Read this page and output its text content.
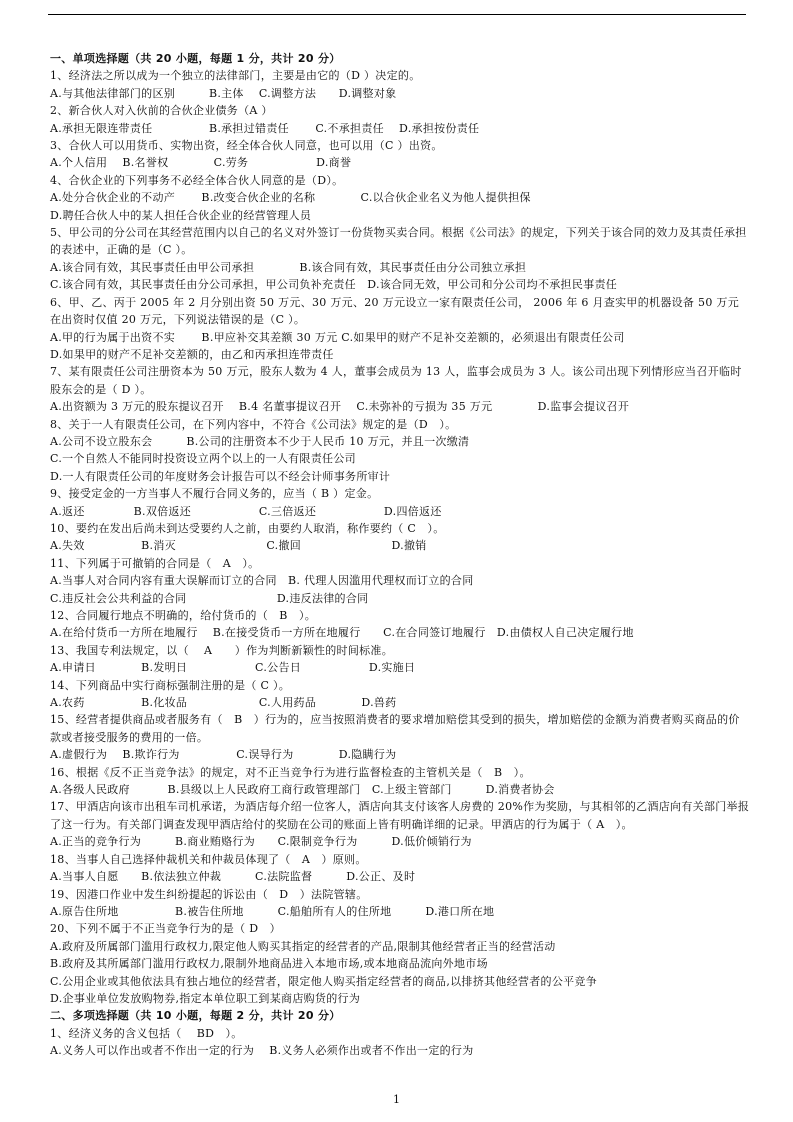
一、单项选择题（共 20 小题，每题 1 分，共计 20 分）
1、经济法之所以成为一个独立的法律部门，主要是由它的（D ）决定的。
A.与其他法律部门的区别　　　B.主体　 C.调整方法　　D.调整对象
2、新合伙人对入伙前的合伙企业债务（A ）
A.承担无限连带责任　　　　　B.承担过错责任　　 C.不承担责任　 D.承担按份责任
3、合伙人可以用货币、实物出资，经全体合伙人同意，也可以用（C ）出资。
A.个人信用　 B.名誉权　　　　C.劳务　　　　　　D.商誉
4、合伙企业的下列事务不必经全体合伙人同意的是（D）。
A.处分合伙企业的不动产　　 B.改变合伙企业的名称　　　　C.以合伙企业名义为他人提供担保
D.聘任合伙人中的某人担任合伙企业的经营管理人员
5、甲公司的分公司在其经营范围内以自己的名义对外签订一份货物买卖合同。根据《公司法》的规定，下列关于该合同的效力及其责任承担的表述中，正确的是（C ）。
A.该合同有效，其民事责任由甲公司承担　　　　B.该合同有效，其民事责任由分公司独立承担
C.该合同有效，其民事责任由分公司承担，甲公司负补充责任　D.该合同无效，甲公司和分公司均不承担民事责任
6、甲、乙、丙于 2005 年 2 月分别出资 50 万元、30 万元、20 万元设立一家有限责任公司， 2006 年 6 月查实甲的机器设备 50 万元在出资时仅值 20 万元，下列说法错误的是（C ）。
A.甲的行为属于出资不实　　 B.甲应补交其差额 30 万元 C.如果甲的财产不足补交差额的，必须退出有限责任公司
D.如果甲的财产不足补交差额的，由乙和丙承担连带责任
7、某有限责任公司注册资本为 50 万元，股东人数为 4 人，董事会成员为 13 人，监事会成员为 3 人。该公司出现下列情形应当召开临时股东会的是（ D ）。
A.出资额为 3 万元的股东提议召开　 B.4 名董事提议召开　 C.未弥补的亏损为 35 万元　　　　D.监事会提议召开
8、关于一人有限责任公司，在下列内容中，不符合《公司法》规定的是（D　）。
A.公司不设立股东会　　　B.公司的注册资本不少于人民币 10 万元，并且一次缴清
C.一个自然人不能同时投资设立两个以上的一人有限责任公司
D.一人有限责任公司的年度财务会计报告可以不经会计师事务所审计
9、接受定金的一方当事人不履行合同义务的，应当（ B ）定金。
A.返还　　　　 B.双倍返还　　　　　　C.三倍返还　　　　　　D.四倍返还
10、要约在发出后尚未到达受要约人之前，由要约人取消，称作要约（ C　）。
A.失效　　　　　B.消灭　　　　　　　　C.撤回　　　　　　　　D.撤销
11、下列属于可撤销的合同是（　A　）。
A.当事人对合同内容有重大误解而订立的合同　B. 代理人因滥用代理权而订立的合同
C.违反社会公共利益的合同　　　　　　　　D.违反法律的合同
12、合同履行地点不明确的，给付货币的（　B　）。
A.在给付货币一方所在地履行　 B.在接受货币一方所在地履行　　C.在合同签订地履行　D.由债权人自己决定履行地
13、我国专利法规定，以（　 A　　）作为判断新颖性的时间标准。
A.申请日　　　　B.发明日　　　　　　C.公告日　　　　　　D.实施日
14、下列商品中实行商标强制注册的是（ C ）。
A.农药　　　　　B.化妆品　　　　　　 C.人用药品　　　　D.兽药
15、经营者提供商品或者服务有（　B　）行为的，应当按照消费者的要求增加赔偿其受到的损失，增加赔偿的金额为消费者购买商品的价款或者接受服务的费用的一倍。
A.虚假行为　 B.欺诈行为　　　　　C.误导行为　　　　D.隐瞒行为
16、根据《反不正当竞争法》的规定，对不正当竞争行为进行监督检查的主管机关是（　B　）。
A.各级人民政府　　　 B.县级以上人民政府工商行政管理部门　C.上级主管部门　　　D.消费者协会
17、甲酒店向该市出租车司机承诺，为酒店每介绍一位客人，酒店向其支付该客人房费的 20%作为奖励，与其相邻的乙酒店向有关部门举报了这一行为。有关部门调查发现甲酒店给付的奖励在公司的账面上皆有明确详细的记录。甲酒店的行为属于（ A　）。
A.正当的竞争行为　　　B.商业贿赂行为　　C.限制竞争行为　　　D.低价倾销行为
18、当事人自己选择仲裁机关和仲裁员体现了（　A　）原则。
A.当事人自愿　　B.依法独立仲裁　　　C.法院监督　　　D.公正、及时
19、因港口作业中发生纠纷提起的诉讼由（　D　）法院管辖。
A.原告住所地　　　　　B.被告住所地　　　C.船舶所有人的住所地　　　D.港口所在地
20、下列不属于不正当竞争行为的是（ D　）
A.政府及所属部门滥用行政权力,限定他人购买其指定的经营者的产品,限制其他经营者正当的经营活动
B.政府及其所属部门滥用行政权力,限制外地商品进入本地市场,或本地商品流向外地市场
C.公用企业或其他依法具有独占地位的经营者，限定他人购买指定经营者的商品,以排挤其他经营者的公平竞争
D.企事业单位发放购物券,指定本单位职工到某商店购货的行为
二、多项选择题（共 10 小题，每题 2 分，共计 20 分）
1、经济义务的含义包括（　 BD　）。
A.义务人可以作出或者不作出一定的行为　 B.义务人必须作出或者不作出一定的行为
1
